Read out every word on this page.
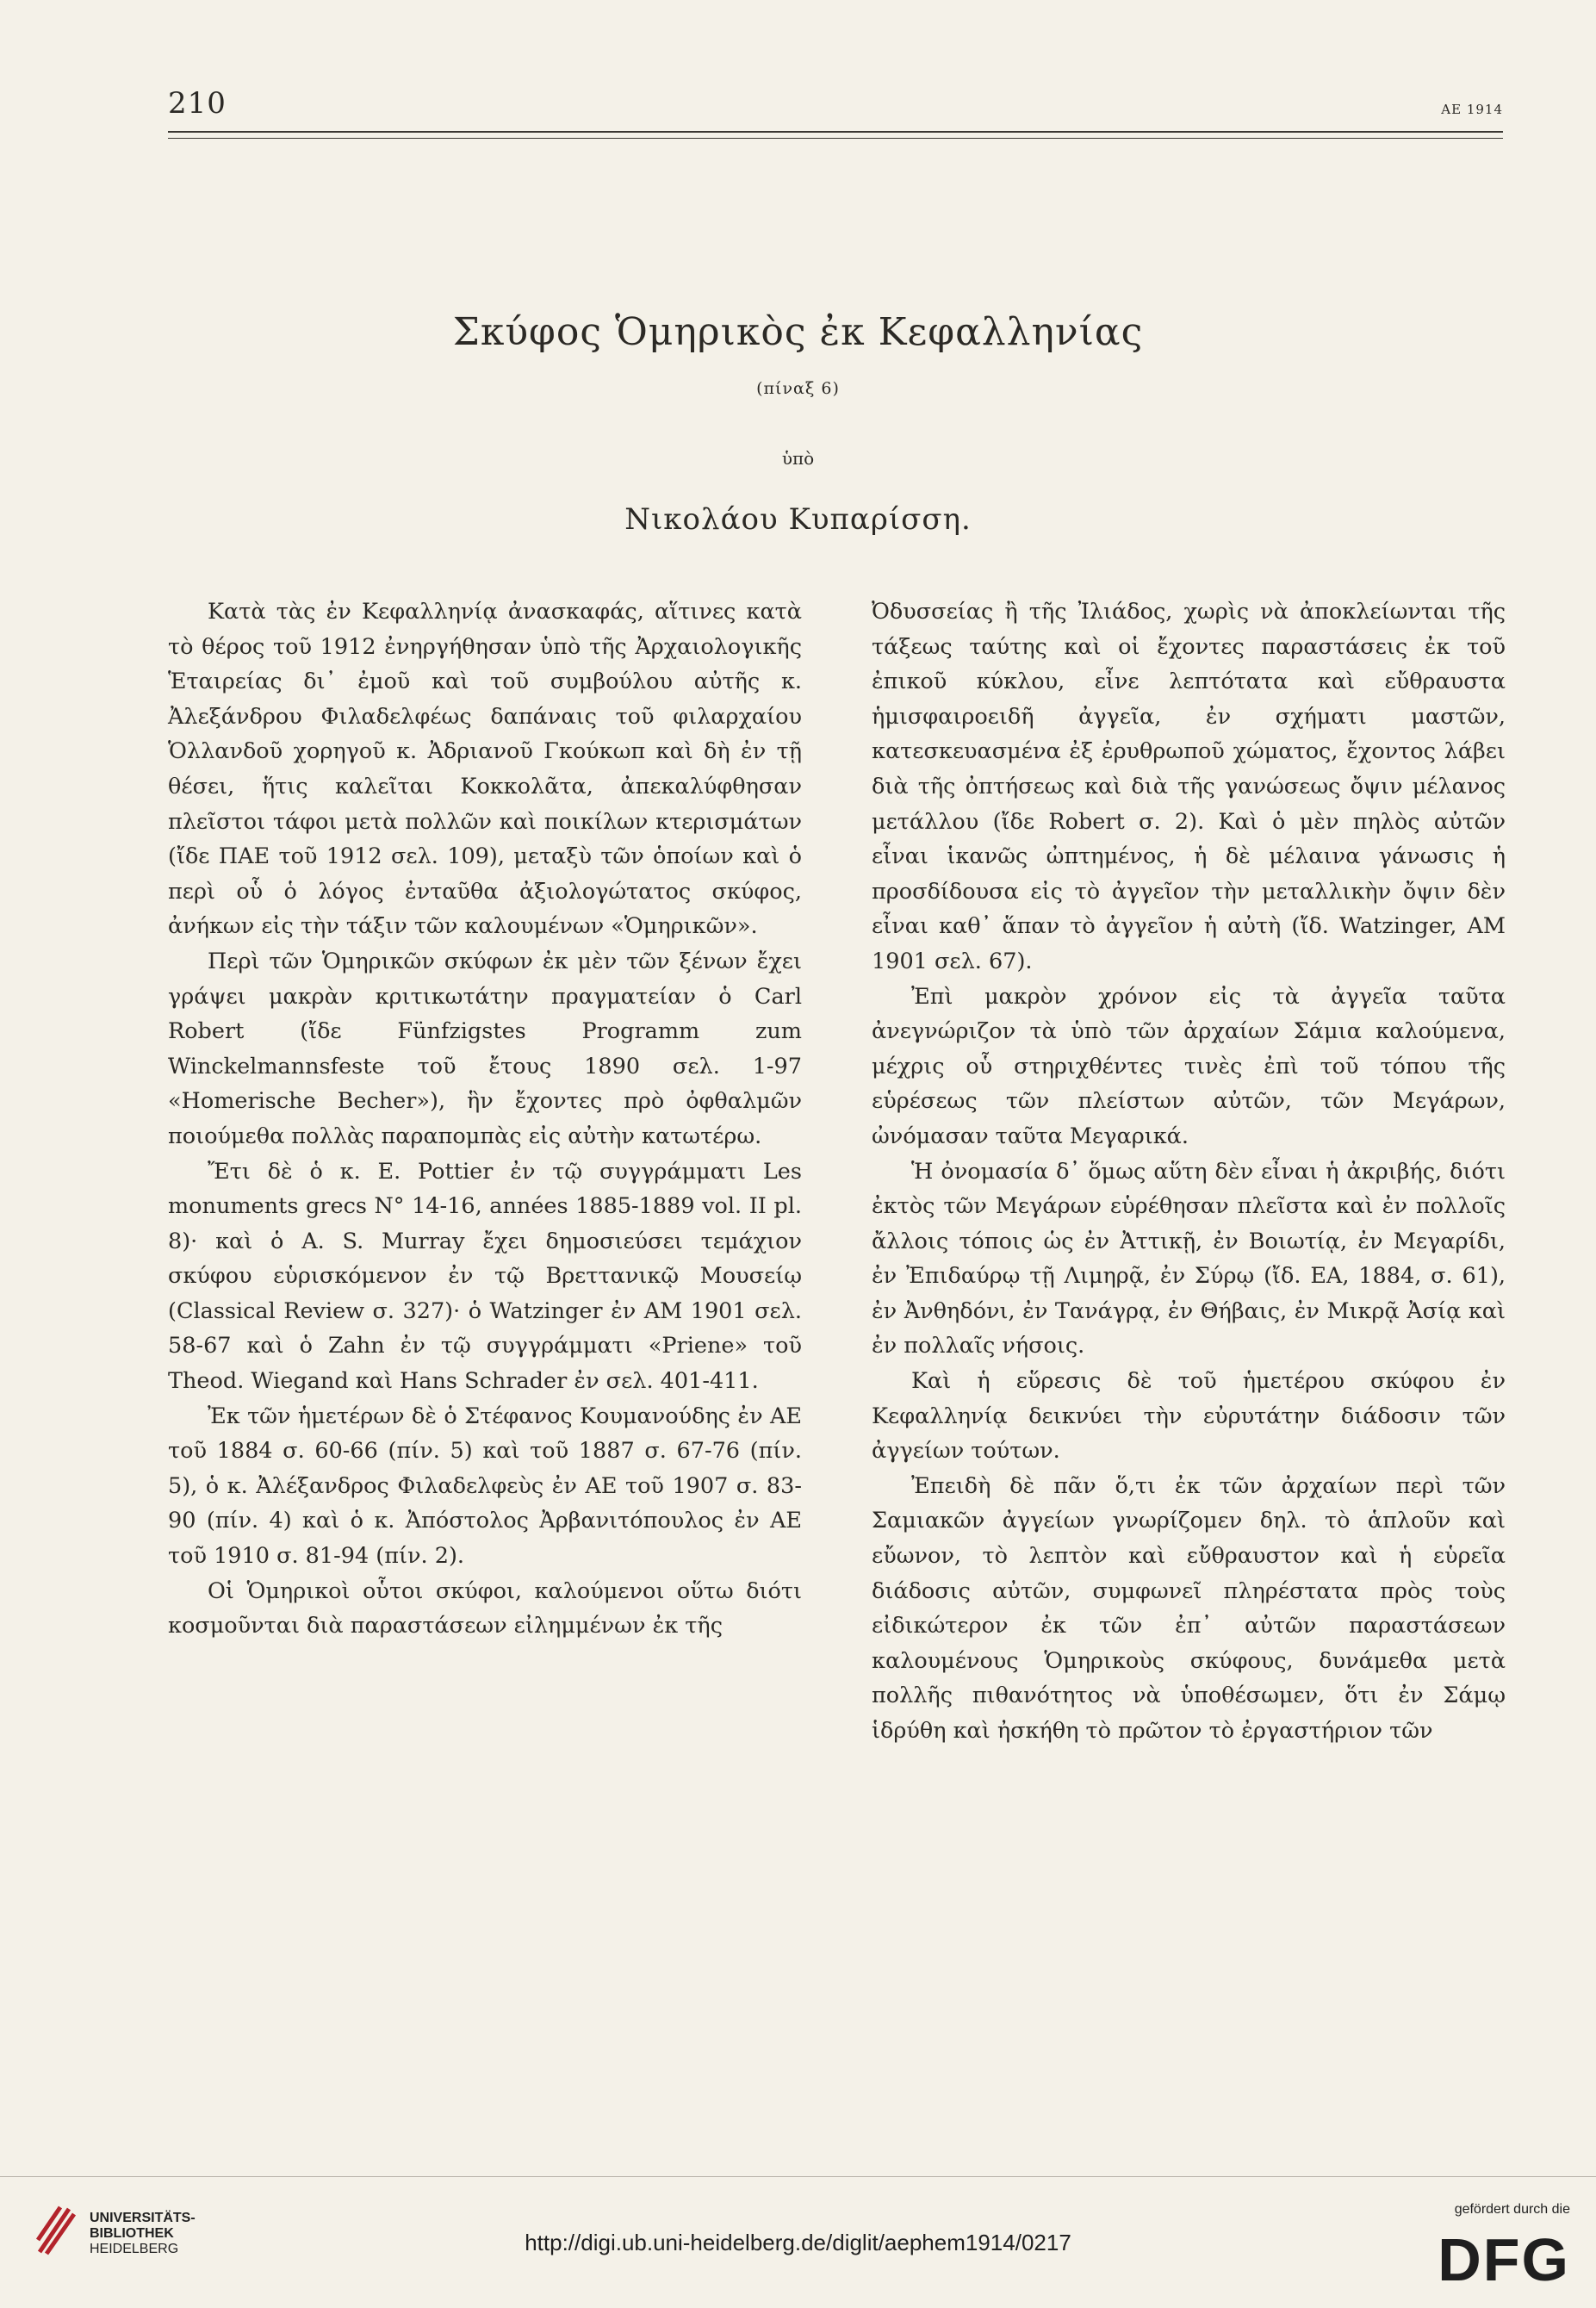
210	ΑΕ 1914
Σκύφος Ὁμηρικὸς ἐκ Κεφαλληνίας
(πίναξ 6)
ὑπὸ
Νικολάου Κυπαρίσση.

Κατὰ τὰς ἐν Κεφαλληνίᾳ ἀνασκαφάς, αἵτινες κατὰ τὸ θέρος τοῦ 1912 ἐνηργήθησαν ὑπὸ τῆς Ἀρχαιολογικῆς Ἑταιρείας δι᾽ ἐμοῦ καὶ τοῦ συμβούλου αὐτῆς κ. Ἀλεξάνδρου Φιλαδελφέως δαπάναις τοῦ φιλαρχαίου Ὁλλανδοῦ χορηγοῦ κ. Ἀδριανοῦ Γκούκωπ καὶ δὴ ἐν τῇ θέσει, ἥτις καλεῖται Κοκκολᾶτα, ἀπεκαλύφθησαν πλεῖστοι τάφοι μετὰ πολλῶν καὶ ποικίλων κτερισμάτων (ἴδε ΠΑΕ τοῦ 1912 σελ. 109), μεταξὺ τῶν ὁποίων καὶ ὁ περὶ οὗ ὁ λόγος ἐνταῦθα ἀξιολογώτατος σκύφος, ἀνήκων εἰς τὴν τάξιν τῶν καλουμένων «Ὁμηρικῶν».

Περὶ τῶν Ὁμηρικῶν σκύφων ἐκ μὲν τῶν ξένων ἔχει γράψει μακρὰν κριτικωτάτην πραγματείαν ὁ Carl Robert (ἴδε Fünfzigstes Programm zum Winckelmannsfeste τοῦ ἔτους 1890 σελ. 1-97 «Homerische Becher»), ἣν ἔχοντες πρὸ ὀφθαλμῶν ποιούμεθα πολλὰς παραπομπὰς εἰς αὐτὴν κατωτέρω.

Ἔτι δὲ ὁ κ. E. Pottier ἐν τῷ συγγράμματι Les monuments grecs N° 14-16, années 1885-1889 vol. II pl. 8)· καὶ ὁ A. S. Murray ἔχει δημοσιεύσει τεμάχιον σκύφου εὑρισκόμενον ἐν τῷ Βρεττανικῷ Μουσείῳ (Classical Review σ. 327)· ὁ Watzinger ἐν AM 1901 σελ. 58-67 καὶ ὁ Zahn ἐν τῷ συγγράμματι «Priene» τοῦ Theod. Wiegand καὶ Hans Schrader ἐν σελ. 401-411.

Ἐκ τῶν ἡμετέρων δὲ ὁ Στέφανος Κουμανούδης ἐν ΑΕ τοῦ 1884 σ. 60-66 (πίν. 5) καὶ τοῦ 1887 σ. 67-76 (πίν. 5), ὁ κ. Ἀλέξανδρος Φιλαδελφεὺς ἐν ΑΕ τοῦ 1907 σ. 83-90 (πίν. 4) καὶ ὁ κ. Ἀπόστολος Ἀρβανιτόπουλος ἐν ΑΕ τοῦ 1910 σ. 81-94 (πίν. 2).

Οἱ Ὁμηρικοὶ οὗτοι σκύφοι, καλούμενοι οὕτω διότι κοσμοῦνται διὰ παραστάσεων εἰλημμένων ἐκ τῆς

Ὀδυσσείας ἢ τῆς Ἰλιάδος, χωρὶς νὰ ἀποκλείωνται τῆς τάξεως ταύτης καὶ οἱ ἔχοντες παραστάσεις ἐκ τοῦ ἐπικοῦ κύκλου, εἶνε λεπτότατα καὶ εὔθραυστα ἡμισφαιροειδῆ ἀγγεῖα, ἐν σχήματι μαστῶν, κατεσκευασμένα ἐξ ἐρυθρωποῦ χώματος, ἔχοντος λάβει διὰ τῆς ὀπτήσεως καὶ διὰ τῆς γανώσεως ὄψιν μέλανος μετάλλου (ἴδε Robert σ. 2). Καὶ ὁ μὲν πηλὸς αὐτῶν εἶναι ἱκανῶς ὠπτημένος, ἡ δὲ μέλαινα γάνωσις ἡ προσδίδουσα εἰς τὸ ἀγγεῖον τὴν μεταλλικὴν ὄψιν δὲν εἶναι καθ᾽ ἅπαν τὸ ἀγγεῖον ἡ αὐτὴ (ἴδ. Watzinger, AM 1901 σελ. 67).

Ἐπὶ μακρὸν χρόνον εἰς τὰ ἀγγεῖα ταῦτα ἀνεγνώριζον τὰ ὑπὸ τῶν ἀρχαίων Σάμια καλούμενα, μέχρις οὗ στηριχθέντες τινὲς ἐπὶ τοῦ τόπου τῆς εὑρέσεως τῶν πλείστων αὐτῶν, τῶν Μεγάρων, ὠνόμασαν ταῦτα Μεγαρικά.

Ἡ ὀνομασία δ᾽ ὅμως αὕτη δὲν εἶναι ἡ ἀκριβής, διότι ἐκτὸς τῶν Μεγάρων εὑρέθησαν πλεῖστα καὶ ἐν πολλοῖς ἄλλοις τόποις ὡς ἐν Ἀττικῇ, ἐν Βοιωτίᾳ, ἐν Μεγαρίδι, ἐν Ἐπιδαύρῳ τῇ Λιμηρᾷ, ἐν Σύρῳ (ἴδ. ΕΑ, 1884, σ. 61), ἐν Ἀνθηδόνι, ἐν Τανάγρᾳ, ἐν Θήβαις, ἐν Μικρᾷ Ἀσίᾳ καὶ ἐν πολλαῖς νήσοις.

Καὶ ἡ εὕρεσις δὲ τοῦ ἡμετέρου σκύφου ἐν Κεφαλληνίᾳ δεικνύει τὴν εὐρυτάτην διάδοσιν τῶν ἀγγείων τούτων.

Ἐπειδὴ δὲ πᾶν ὅ,τι ἐκ τῶν ἀρχαίων περὶ τῶν Σαμιακῶν ἀγγείων γνωρίζομεν δηλ. τὸ ἁπλοῦν καὶ εὔωνον, τὸ λεπτὸν καὶ εὔθραυστον καὶ ἡ εὑρεῖα διάδοσις αὐτῶν, συμφωνεῖ πληρέστατα πρὸς τοὺς εἰδικώτερον ἐκ τῶν ἐπ᾽ αὐτῶν παραστάσεων καλουμένους Ὁμηρικοὺς σκύφους, δυνάμεθα μετὰ πολλῆς πιθανότητος νὰ ὑποθέσωμεν, ὅτι ἐν Σάμῳ ἱδρύθη καὶ ἠσκήθη τὸ πρῶτον τὸ ἐργαστήριον τῶν

UNIVERSITÄTS-
BIBLIOTHEK
HEIDELBERG	http://digi.ub.uni-heidelberg.de/diglit/aephem1914/0217
gefördert durch die
DFG
